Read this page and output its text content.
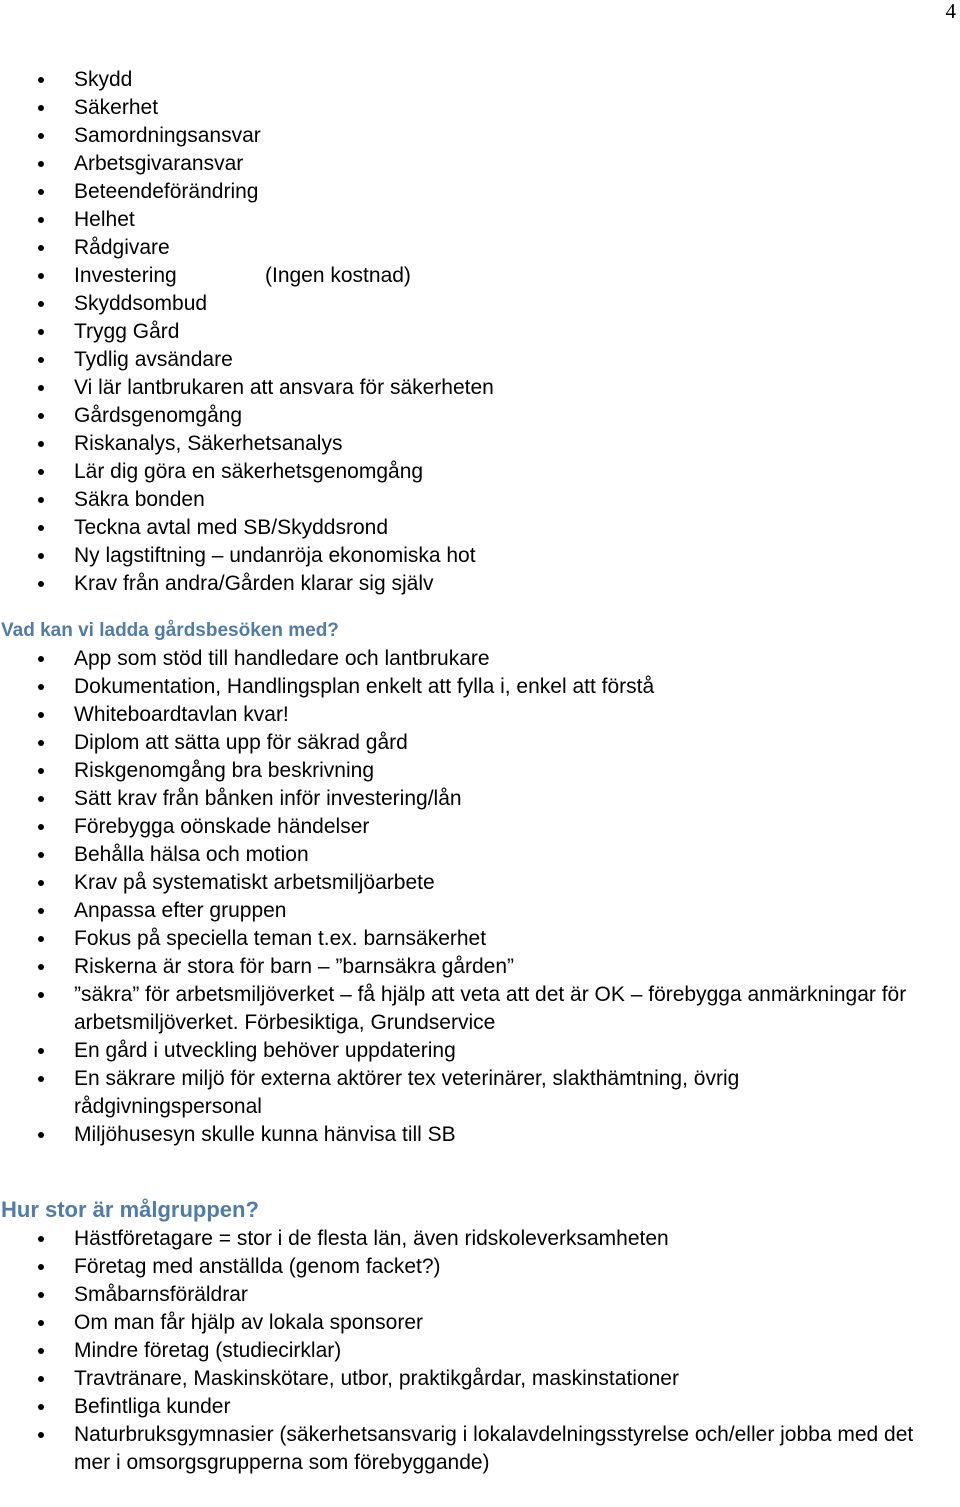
4
Skydd
Säkerhet
Samordningsansvar
Arbetsgivaransvar
Beteendeförändring
Helhet
Rådgivare
Investering	(Ingen kostnad)
Skyddsombud
Trygg Gård
Tydlig avsändare
Vi lär lantbrukaren att ansvara för säkerheten
Gårdsgenomgång
Riskanalys, Säkerhetsanalys
Lär dig göra en säkerhetsgenomgång
Säkra bonden
Teckna avtal med SB/Skyddsrond
Ny lagstiftning – undanröja ekonomiska hot
Krav från andra/Gården klarar sig själv
Vad kan vi ladda gårdsbesöken med?
App som stöd till handledare och lantbrukare
Dokumentation, Handlingsplan enkelt att fylla i, enkel att förstå
Whiteboardtavlan kvar!
Diplom att sätta upp för säkrad gård
Riskgenomgång bra beskrivning
Sätt krav från bånken inför investering/lån
Förebygga oönskade händelser
Behålla hälsa och motion
Krav på systematiskt arbetsmiljöarbete
Anpassa efter gruppen
Fokus på speciella teman t.ex. barnsäkerhet
Riskerna är stora för barn – ”barnsäkra gården”
”säkra” för arbetsmiljöverket – få hjälp att veta att det är OK – förebygga anmärkningar för arbetsmiljöverket. Förbesiktiga, Grundservice
En gård i utveckling behöver uppdatering
En säkrare miljö för externa aktörer tex veterinärer, slakthämtning, övrig rådgivningspersonal
Miljöhusesyn skulle kunna hänvisa till SB
Hur stor är målgruppen?
Hästföretagare = stor i de flesta län, även ridskoleverksamheten
Företag med anställda (genom facket?)
Småbarnsföräldrar
Om man får hjälp av lokala sponsorer
Mindre företag (studiecirklar)
Travtränare, Maskinskötare, utbor, praktikgårdar, maskinstationer
Befintliga kunder
Naturbruksgymnasier (säkerhetsansvarig i lokalavdelningsstyrelse och/eller jobba med det mer i omsorgsgrupperna som förebyggande)
